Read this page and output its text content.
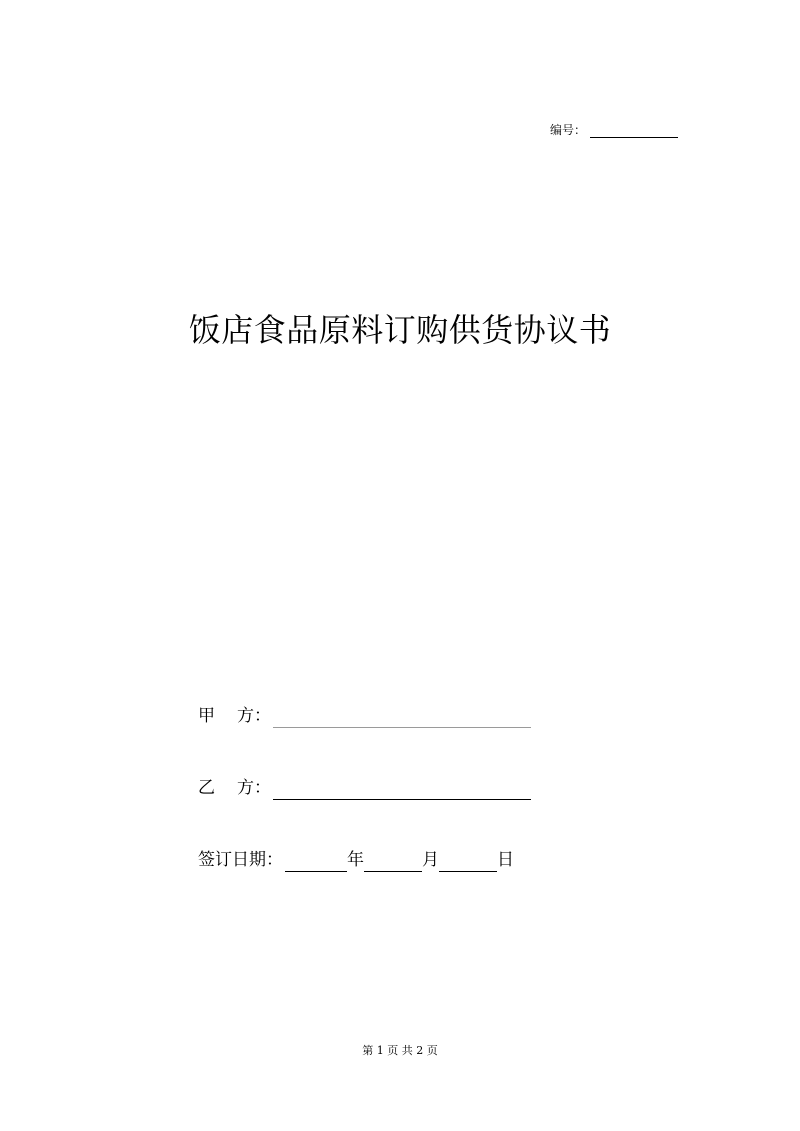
编号：
饭店食品原料订购供货协议书
甲 方 ：
乙 方 ：
签订日期：	年	月	日
第 1 页 共 2 页
